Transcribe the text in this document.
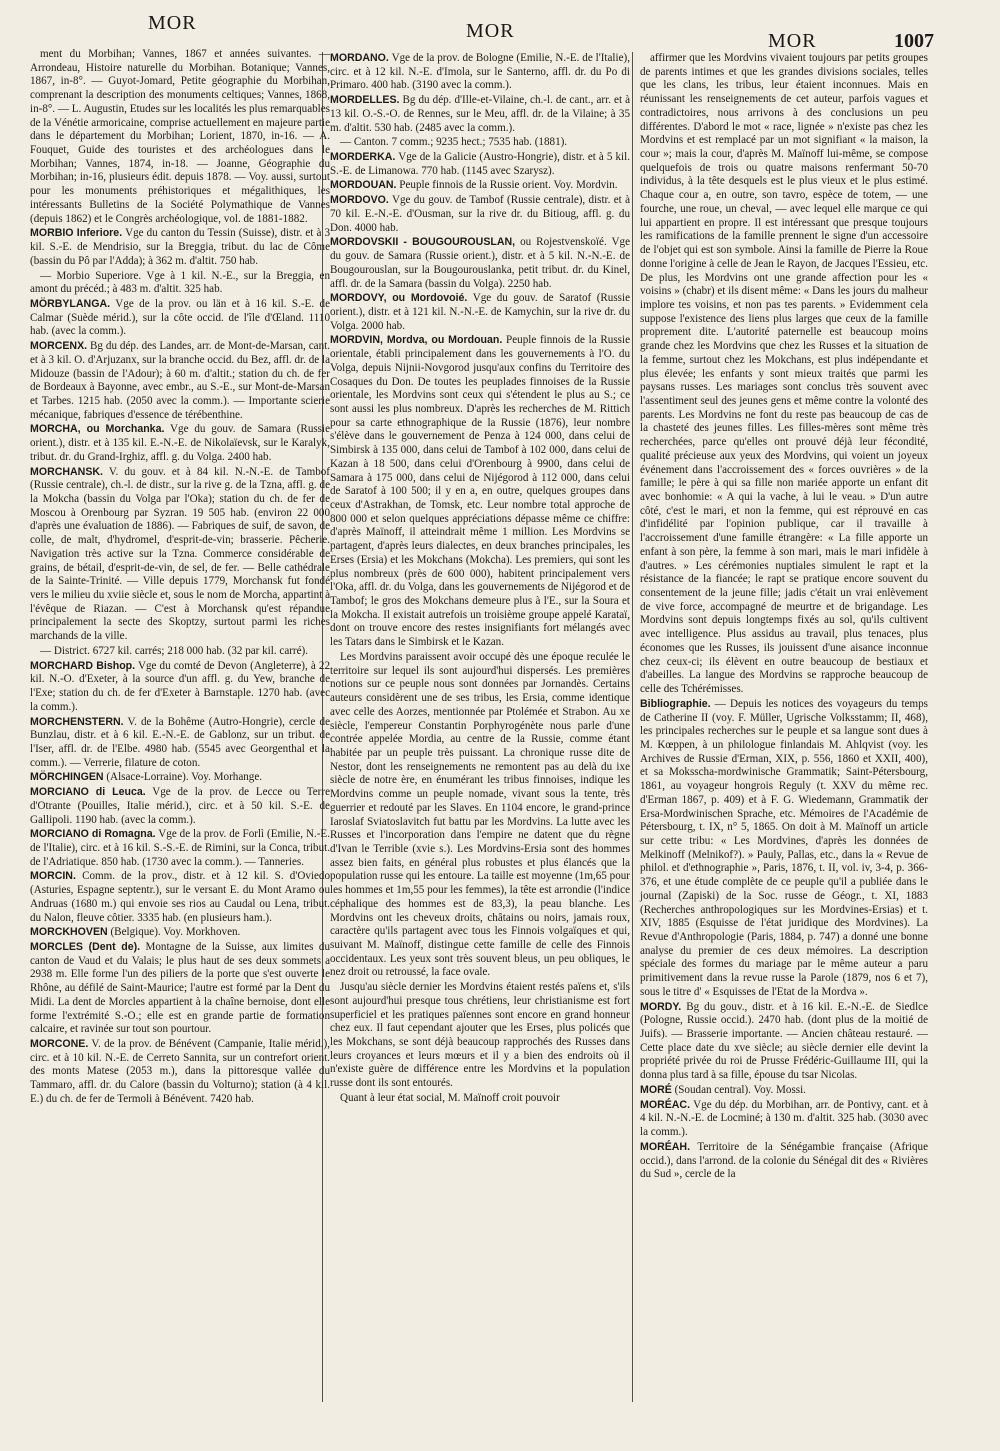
MOR	MOR	MOR	1007

ment du Morbihan; Vannes, 1867 et années suivantes. — Arrondeau, Histoire naturelle du Morbihan. Botanique; Vannes, 1867, in-8°. — Guyot-Jomard, Petite géographie du Morbihan, comprenant la description des monuments celtiques; Vannes, 1868, in-8°. — L. Augustin, Etudes sur les localités les plus remarquables de la Vénétie armoricaine, comprise actuellement en majeure partie dans le département du Morbihan; Lorient, 1870, in-16. — A. Fouquet, Guide des touristes et des archéologues dans le Morbihan; Vannes, 1874, in-18. — Joanne, Géographie du Morbihan; in-16, plusieurs édit. depuis 1878. — Voy. aussi, surtout pour les monuments préhistoriques et mégalithiques, les intéressants Bulletins de la Société Polymathique de Vannes (depuis 1862) et le Congrès archéologique, vol. de 1881-1882.

MORBIO Inferiore. Vge du canton du Tessin (Suisse), distr. et à 3 kil. S.-E. de Mendrisio, sur la Breggia, tribut. du lac de Côme (bassin du Pô par l'Adda); à 362 m. d'altit. 750 hab.

— Morbio Superiore. Vge à 1 kil. N.-E., sur la Breggia, en amont du précéd.; à 483 m. d'altit. 325 hab.

MÖRBYLANGA. Vge de la prov. ou län et à 16 kil. S.-E. de Calmar (Suède mérid.), sur la côte occid. de l'île d'Œland. 1110 hab. (avec la comm.).

MORCENX. Bg du dép. des Landes, arr. de Mont-de-Marsan, cant. et à 3 kil. O. d'Arjuzanx, sur la branche occid. du Bez, affl. dr. de la Midouze (bassin de l'Adour); à 60 m. d'altit.; station du ch. de fer de Bordeaux à Bayonne, avec embr., au S.-E., sur Mont-de-Marsan et Tarbes. 1215 hab. (2050 avec la comm.). — Importante scierie mécanique, fabriques d'essence de térébenthine.

MORCHA, ou Morchanka. Vge du gouv. de Samara (Russie orient.), distr. et à 135 kil. E.-N.-E. de Nikolaïevsk, sur le Karalyk, tribut. dr. du Grand-Irghiz, affl. g. du Volga. 2400 hab.

MORCHANSK. V. du gouv. et à 84 kil. N.-N.-E. de Tambof (Russie centrale), ch.-l. de distr., sur la rive g. de la Tzna, affl. g. de la Mokcha (bassin du Volga par l'Oka); station du ch. de fer de Moscou à Orenbourg par Syzran. 19 505 hab. (environ 22 000 d'après une évaluation de 1886). — Fabriques de suif, de savon, de colle, de malt, d'hydromel, d'esprit-de-vin; brasserie. Pêcherie. Navigation très active sur la Tzna. Commerce considérable de grains, de bétail, d'esprit-de-vin, de sel, de fer. — Belle cathédrale de la Sainte-Trinité. — Ville depuis 1779, Morchansk fut fondé vers le milieu du xviie siècle et, sous le nom de Morcha, appartint à l'évêque de Riazan. — C'est à Morchansk qu'est répandue principalement la secte des Skoptzy, surtout parmi les riches marchands de la ville.

— District. 6727 kil. carrés; 218 000 hab. (32 par kil. carré).

MORCHARD Bishop. Vge du comté de Devon (Angleterre), à 22 kil. N.-O. d'Exeter, à la source d'un affl. g. du Yew, branche de l'Exe; station du ch. de fer d'Exeter à Barnstaple. 1270 hab. (avec la comm.).

MORCHENSTERN. V. de la Bohême (Autro-Hongrie), cercle de Bunzlau, distr. et à 6 kil. E.-N.-E. de Gablonz, sur un tribut. de l'Iser, affl. dr. de l'Elbe. 4980 hab. (5545 avec Georgenthal et la comm.). — Verrerie, filature de coton.

MÖRCHINGEN (Alsace-Lorraine). Voy. Morhange.

MORCIANO di Leuca. Vge de la prov. de Lecce ou Terre d'Otrante (Pouilles, Italie mérid.), circ. et à 50 kil. S.-E. de Gallipoli. 1190 hab. (avec la comm.).

MORCIANO di Romagna. Vge de la prov. de Forlì (Emilie, N.-E. de l'Italie), circ. et à 16 kil. S.-S.-E. de Rimini, sur la Conca, tribut. de l'Adriatique. 850 hab. (1730 avec la comm.). — Tanneries.

MORCIN. Comm. de la prov., distr. et à 12 kil. S. d'Oviedo (Asturies, Espagne septentr.), sur le versant E. du Mont Aramo ou Andruas (1680 m.) qui envoie ses rios au Caudal ou Lena, tribut. du Nalon, fleuve côtier. 3335 hab. (en plusieurs ham.).

MORCKHOVEN (Belgique). Voy. Morkhoven.

MORCLES (Dent de). Montagne de la Suisse, aux limites du canton de Vaud et du Valais; le plus haut de ses deux sommets a 2938 m. Elle forme l'un des piliers de la porte que s'est ouverte le Rhône, au défilé de Saint-Maurice; l'autre est formé par la Dent du Midi. La dent de Morcles appartient à la chaîne bernoise, dont elle forme l'extrémité S.-O.; elle est en grande partie de formation calcaire, et ravinée sur tout son pourtour.

MORCONE. V. de la prov. de Bénévent (Campanie, Italie mérid.), circ. et à 10 kil. N.-E. de Cerreto Sannita, sur un contrefort orient. des monts Matese (2053 m.), dans la pittoresque vallée du Tammaro, affl. dr. du Calore (bassin du Volturno); station (à 4 kil. E.) du ch. de fer de Termoli à Bénévent. 7420 hab.

MORDANO. Vge de la prov. de Bologne (Emilie, N.-E. de l'Italie), circ. et à 12 kil. N.-E. d'Imola, sur le Santerno, affl. dr. du Po di Primaro. 400 hab. (3190 avec la comm.).

MORDELLES. Bg du dép. d'Ille-et-Vilaine, ch.-l. de cant., arr. et à 13 kil. O.-S.-O. de Rennes, sur le Meu, affl. dr. de la Vilaine; à 35 m. d'altit. 530 hab. (2485 avec la comm.).

— Canton. 7 comm.; 9235 hect.; 7535 hab. (1881).

MORDERKA. Vge de la Galicie (Austro-Hongrie), distr. et à 5 kil. S.-E. de Limanowa. 770 hab. (1145 avec Szarysz).

MORDOUAN. Peuple finnois de la Russie orient. Voy. Mordvin.

MORDOVO. Vge du gouv. de Tambof (Russie centrale), distr. et à 70 kil. E.-N.-E. d'Ousman, sur la rive dr. du Bitioug, affl. g. du Don. 4000 hab.

MORDOVSKII - BOUGOUROUSLAN, ou Rojestvenskoïé. Vge du gouv. de Samara (Russie orient.), distr. et à 5 kil. N.-N.-E. de Bougourouslan, sur la Bougourouslanka, petit tribut. dr. du Kinel, affl. dr. de la Samara (bassin du Volga). 2250 hab.

MORDOVY, ou Mordovoié. Vge du gouv. de Saratof (Russie orient.), distr. et à 121 kil. N.-N.-E. de Kamychin, sur la rive dr. du Volga. 2000 hab.

MORDVIN, Mordva, ou Mordouan. Peuple finnois de la Russie orientale, établi principalement dans les gouvernements à l'O. du Volga, depuis Nijnii-Novgorod jusqu'aux confins du Territoire des Cosaques du Don. De toutes les peuplades finnoises de la Russie orientale, les Mordvins sont ceux qui s'étendent le plus au S.; ce sont aussi les plus nombreux. D'après les recherches de M. Rittich pour sa carte ethnographique de la Russie (1876), leur nombre s'élève dans le gouvernement de Penza à 124 000, dans celui de Simbirsk à 135 000, dans celui de Tambof à 102 000, dans celui de Kazan à 18 500, dans celui d'Orenbourg à 9900, dans celui de Samara à 175 000, dans celui de Nijégorod à 112 000, dans celui de Saratof à 100 500; il y en a, en outre, quelques groupes dans ceux d'Astrakhan, de Tomsk, etc. Leur nombre total approche de 800 000 et selon quelques appréciations dépasse même ce chiffre: d'après Maïnoff, il atteindrait même 1 million. Les Mordvins se partagent, d'après leurs dialectes, en deux branches principales, les Erses (Ersia) et les Mokchans (Mokcha). Les premiers, qui sont les plus nombreux (près de 600 000), habitent principalement vers l'Oka, affl. dr. du Volga, dans les gouvernements de Nijégorod et de Tambof; le gros des Mokchans demeure plus à l'E., sur la Soura et la Mokcha. Il existait autrefois un troisième groupe appelé Karataï, dont on trouve encore des restes insignifiants fort mélangés avec les Tatars dans le Simbirsk et le Kazan.

Les Mordvins paraissent avoir occupé dès une époque reculée le territoire sur lequel ils sont aujourd'hui dispersés. Les premières notions sur ce peuple nous sont données par Jornandès. Certains auteurs considèrent une de ses tribus, les Ersia, comme identique avec celle des Aorzes, mentionnée par Ptolémée et Strabon. Au xe siècle, l'empereur Constantin Porphyrogénète nous parle d'une contrée appelée Mordia, au centre de la Russie, comme étant habitée par un peuple très puissant. La chronique russe dite de Nestor, dont les renseignements ne remontent pas au delà du ixe siècle de notre ère, en énumérant les tribus finnoises, indique les Mordvins comme un peuple nomade, vivant sous la tente, très guerrier et redouté par les Slaves. En 1104 encore, le grand-prince Iaroslaf Sviatoslavitch fut battu par les Mordvins. La lutte avec les Russes et l'incorporation dans l'empire ne datent que du règne d'Ivan le Terrible (xvie s.). Les Mordvins-Ersia sont des hommes assez bien faits, en général plus robustes et plus élancés que la population russe qui les entoure. La taille est moyenne (1m,65 pour les hommes et 1m,55 pour les femmes), la tête est arrondie (l'indice céphalique des hommes est de 83,3), la peau blanche. Les Mordvins ont les cheveux droits, châtains ou noirs, jamais roux, caractère qu'ils partagent avec tous les Finnois volgaïques et qui, suivant M. Maïnoff, distingue cette famille de celle des Finnois occidentaux. Les yeux sont très souvent bleus, un peu obliques, le nez droit ou retroussé, la face ovale.

Jusqu'au siècle dernier les Mordvins étaient restés païens et, s'ils sont aujourd'hui presque tous chrétiens, leur christianisme est fort superficiel et les pratiques païennes sont encore en grand honneur chez eux. Il faut cependant ajouter que les Erses, plus policés que les Mokchans, se sont déjà beaucoup rapprochés des Russes dans leurs croyances et leurs mœurs et il y a bien des endroits où il n'existe guère de différence entre les Mordvins et la population russe dont ils sont entourés.

Quant à leur état social, M. Maïnoff croit pouvoir

affirmer que les Mordvins vivaient toujours par petits groupes de parents intimes et que les grandes divisions sociales, telles que les clans, les tribus, leur étaient inconnues. Mais en réunissant les renseignements de cet auteur, parfois vagues et contradictoires, nous arrivons à des conclusions un peu différentes. D'abord le mot « race, lignée » n'existe pas chez les Mordvins et est remplacé par un mot signifiant « la maison, la cour »; mais la cour, d'après M. Maïnoff lui-même, se compose quelquefois de trois ou quatre maisons renfermant 50-70 individus, à la tête desquels est le plus vieux et le plus estimé. Chaque cour a, en outre, son tavro, espèce de totem, — une fourche, une roue, un cheval, — avec lequel elle marque ce qui lui appartient en propre. Il est intéressant que presque toujours les ramifications de la famille prennent le signe d'un accessoire de l'objet qui est son symbole. Ainsi la famille de Pierre la Roue donne l'origine à celle de Jean le Rayon, de Jacques l'Essieu, etc. De plus, les Mordvins ont une grande affection pour les « voisins » (chabr) et ils disent même: « Dans les jours du malheur implore tes voisins, et non pas tes parents. » Evidemment cela suppose l'existence des liens plus larges que ceux de la famille proprement dite. L'autorité paternelle est beaucoup moins grande chez les Mordvins que chez les Russes et la situation de la femme, surtout chez les Mokchans, est plus indépendante et plus élevée; les enfants y sont mieux traités que parmi les paysans russes. Les mariages sont conclus très souvent avec l'assentiment seul des jeunes gens et même contre la volonté des parents. Les Mordvins ne font du reste pas beaucoup de cas de la chasteté des jeunes filles. Les filles-mères sont même très recherchées, parce qu'elles ont prouvé déjà leur fécondité, qualité précieuse aux yeux des Mordvins, qui voient un joyeux événement dans l'accroissement des « forces ouvrières » de la famille; le père à qui sa fille non mariée apporte un enfant dit avec bonhomie: « A qui la vache, à lui le veau. » D'un autre côté, c'est le mari, et non la femme, qui est réprouvé en cas d'infidélité par l'opinion publique, car il travaille à l'accroissement d'une famille étrangère: « La fille apporte un enfant à son père, la femme à son mari, mais le mari infidèle à d'autres. » Les cérémonies nuptiales simulent le rapt et la résistance de la fiancée; le rapt se pratique encore souvent du consentement de la jeune fille; jadis c'était un vrai enlèvement de vive force, accompagné de meurtre et de brigandage. Les Mordvins sont depuis longtemps fixés au sol, qu'ils cultivent avec intelligence. Plus assidus au travail, plus tenaces, plus économes que les Russes, ils jouissent d'une aisance inconnue chez ceux-ci; ils élèvent en outre beaucoup de bestiaux et d'abeilles. La langue des Mordvins se rapproche beaucoup de celle des Tchérémisses.

Bibliographie. — Depuis les notices des voyageurs du temps de Catherine II (voy. F. Müller, Ugrische Volksstamm; II, 468), les principales recherches sur le peuple et sa langue sont dues à M. Kœppen, à un philologue finlandais M. Ahlqvist (voy. les Archives de Russie d'Erman, XIX, p. 556, 1860 et XXII, 400), et sa Moksscha-mordwinische Grammatik; Saint-Pétersbourg, 1861, au voyageur hongrois Reguly (t. XXV du même rec. d'Erman 1867, p. 409) et à F. G. Wiedemann, Grammatik der Ersa-Mordwinischen Sprache, etc. Mémoires de l'Académie de Pétersbourg, t. IX, n° 5, 1865. On doit à M. Maïnoff un article sur cette tribu: « Les Mordvines, d'après les données de Melkinoff (Melnikof?). » Pauly, Pallas, etc., dans la « Revue de philol. et d'ethnographie », Paris, 1876, t. II, vol. iv, 3-4, p. 366-376, et une étude complète de ce peuple qu'il a publiée dans le journal (Zapiski) de la Soc. russe de Géogr., t. XI, 1883 (Recherches anthropologiques sur les Mordvines-Ersias) et t. XIV, 1885 (Esquisse de l'état juridique des Mordvines). La Revue d'Anthropologie (Paris, 1884, p. 747) a donné une bonne analyse du premier de ces deux mémoires. La description spéciale des formes du mariage par le même auteur a paru primitivement dans la revue russe la Parole (1879, nos 6 et 7), sous le titre d' « Esquisses de l'Etat de la Mordva ».

MORDY. Bg du gouv., distr. et à 16 kil. E.-N.-E. de Siedlce (Pologne, Russie occid.). 2470 hab. (dont plus de la moitié de Juifs). — Brasserie importante. — Ancien château restauré. — Cette place date du xve siècle; au siècle dernier elle devint la propriété privée du roi de Prusse Frédéric-Guillaume III, qui la donna plus tard à sa fille, épouse du tsar Nicolas.

MORÉ (Soudan central). Voy. Mossi.

MORÉAC. Vge du dép. du Morbihan, arr. de Pontivy, cant. et à 4 kil. N.-N.-E. de Locminé; à 130 m. d'altit. 325 hab. (3030 avec la comm.).

MORÉAH. Territoire de la Sénégambie française (Afrique occid.), dans l'arrond. de la colonie du Sénégal dit des « Rivières du Sud », cercle de la
